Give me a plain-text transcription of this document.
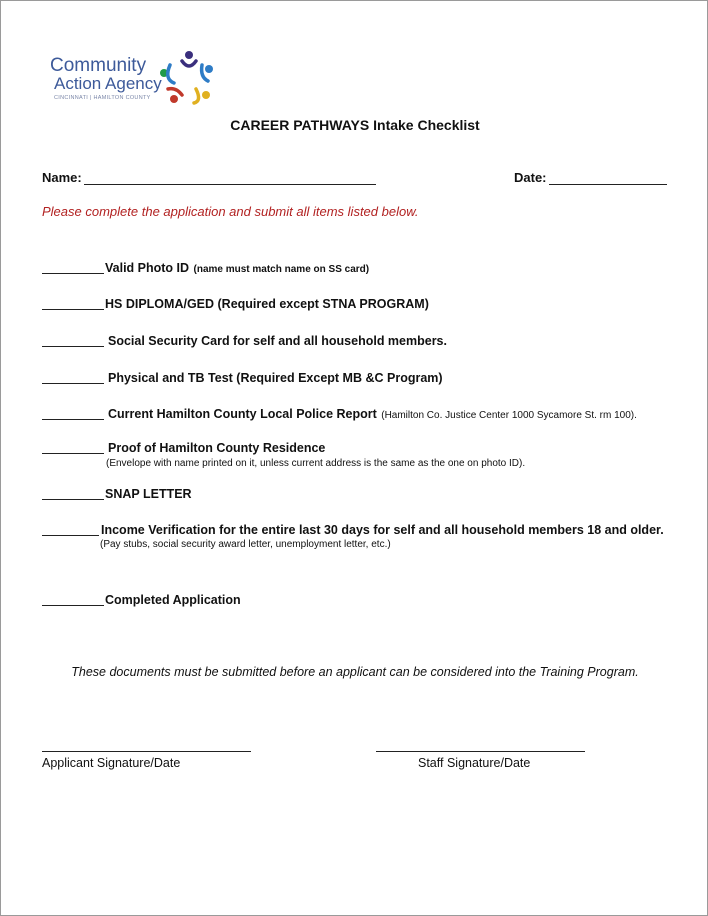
Community
Action Agency
CINCINNATI | HAMILTON COUNTY
CAREER PATHWAYS Intake Checklist
Name:	Date:
Please complete the application and submit all items listed below.
Valid Photo ID (name must match name on SS card)
HS DIPLOMA/GED (Required except STNA PROGRAM)
Social Security Card for self and all household members.
Physical and TB Test (Required Except MB &C Program)
Current Hamilton County Local Police Report (Hamilton Co. Justice Center 1000 Sycamore St. rm 100).
Proof of Hamilton County Residence
(Envelope with name printed on it, unless current address is the same as the one on photo ID).
SNAP LETTER
Income Verification for the entire last 30 days for self and all household members 18 and older.
(Pay stubs, social security award letter, unemployment letter, etc.)
Completed Application
These documents must be submitted before an applicant can be considered into the Training Program.
Applicant Signature/Date	Staff Signature/Date
